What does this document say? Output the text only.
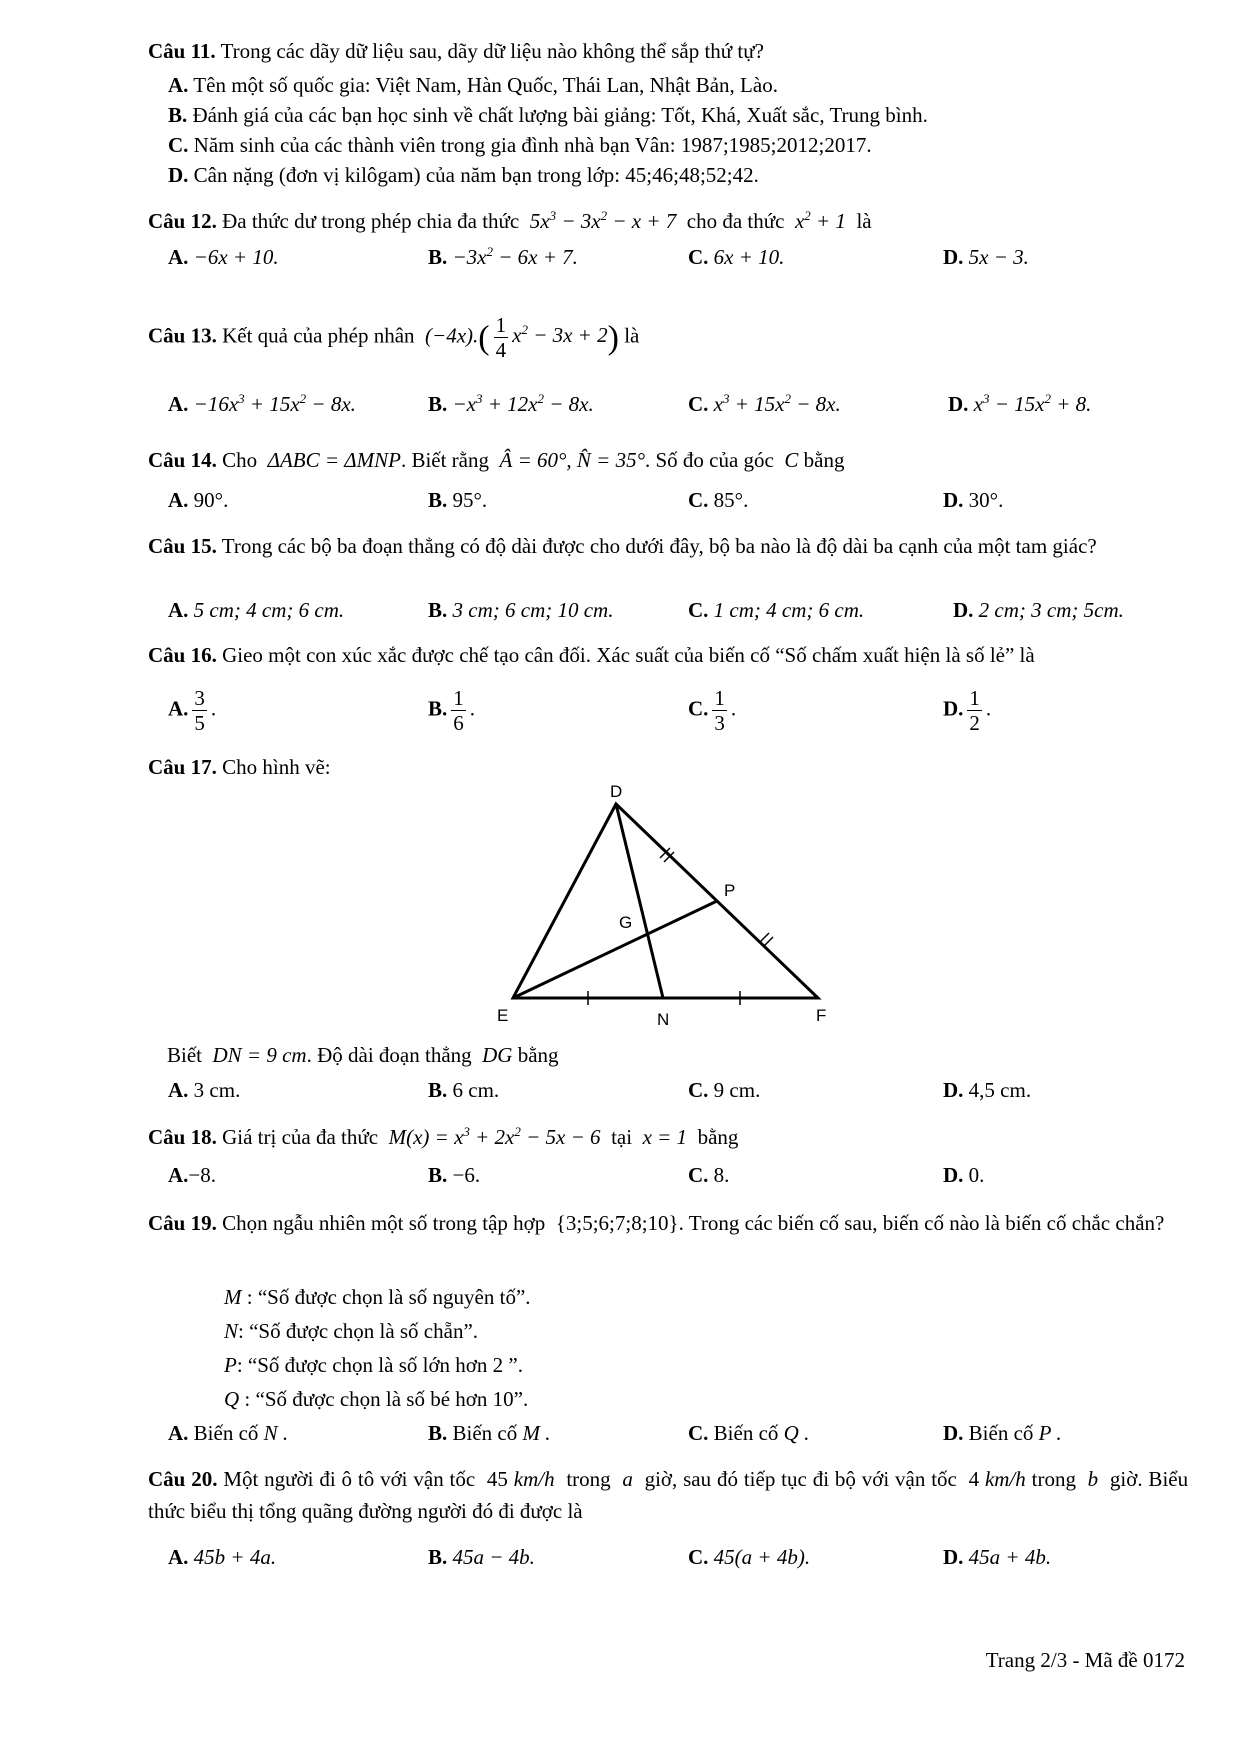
Câu 11. Trong các dãy dữ liệu sau, dãy dữ liệu nào không thể sắp thứ tự?
A. Tên một số quốc gia: Việt Nam, Hàn Quốc, Thái Lan, Nhật Bản, Lào.
B. Đánh giá của các bạn học sinh về chất lượng bài giảng: Tốt, Khá, Xuất sắc, Trung bình.
C. Năm sinh của các thành viên trong gia đình nhà bạn Vân: 1987;1985;2012;2017.
D. Cân nặng (đơn vị kilôgam) của năm bạn trong lớp: 45;46;48;52;42.
Câu 12. Đa thức dư trong phép chia đa thức  $5x^3 - 3x^2 - x + 7$  cho đa thức  $x^2 + 1$  là
A. −6x + 10.	B. $-3x^2 - 6x + 7$.	C. 6x + 10.	D. 5x − 3.
Câu 13. Kết quả của phép nhân  $(-4x).( \frac{1}{4} x^2 - 3x + 2)$ là
A. $-16x^3 + 15x^2 - 8x$.	B. $-x^3 + 12x^2 - 8x$.	C. $x^3 + 15x^2 - 8x$.	D. $x^3 - 15x^2 + 8$.
Câu 14. Cho  ΔABC = ΔMNP. Biết rằng  Â = 60°, N̂ = 35°. Số đo của góc  C bằng
A. 90°.	B. 95°.	C. 85°.	D. 30°.
Câu 15. Trong các bộ ba đoạn thẳng có độ dài được cho dưới đây, bộ ba nào là độ dài ba cạnh của một tam giác?
A. 5 cm; 4 cm; 6 cm.	B. 3 cm; 6 cm; 10 cm.	C. 1 cm; 4 cm; 6 cm.	D. 2 cm; 3 cm; 5cm.
Câu 16. Gieo một con xúc xắc được chế tạo cân đối. Xác suất của biến cố “Số chấm xuất hiện là số lẻ” là
A. $\frac{3}{5}$ .	B. $\frac{1}{6}$ .	C. $\frac{1}{3}$ .	D. $\frac{1}{2}$ .
Câu 17. Cho hình vẽ:
D
P
G
E	N	F
Biết  DN = 9 cm. Độ dài đoạn thẳng  DG bằng
A. 3 cm.	B. 6 cm.	C. 9 cm.	D. 4,5 cm.
Câu 18. Giá trị của đa thức  $M(x) = x^3 + 2x^2 - 5x - 6$  tại  x = 1  bằng
A.−8.	B. −6.	C. 8.	D. 0.
Câu 19. Chọn ngẫu nhiên một số trong tập hợp  {3;5;6;7;8;10}. Trong các biến cố sau, biến cố nào là biến cố chắc chắn?
M : “Số được chọn là số nguyên tố”.
N: “Số được chọn là số chẵn”.
P: “Số được chọn là số lớn hơn 2 ”.
Q : “Số được chọn là số bé hơn 10”.
A. Biến cố N .	B. Biến cố M .	C. Biến cố Q .	D. Biến cố P .
Câu 20. Một người đi ô tô với vận tốc  45 km/h trong  a  giờ, sau đó tiếp tục đi bộ với vận tốc  4 km/h trong  b  giờ. Biểu thức biểu thị tổng quãng đường người đó đi được là
A. 45b + 4a.	B. 45a − 4b.	C. 45(a + 4b).	D. 45a + 4b.
Trang 2/3 - Mã đề 0172
